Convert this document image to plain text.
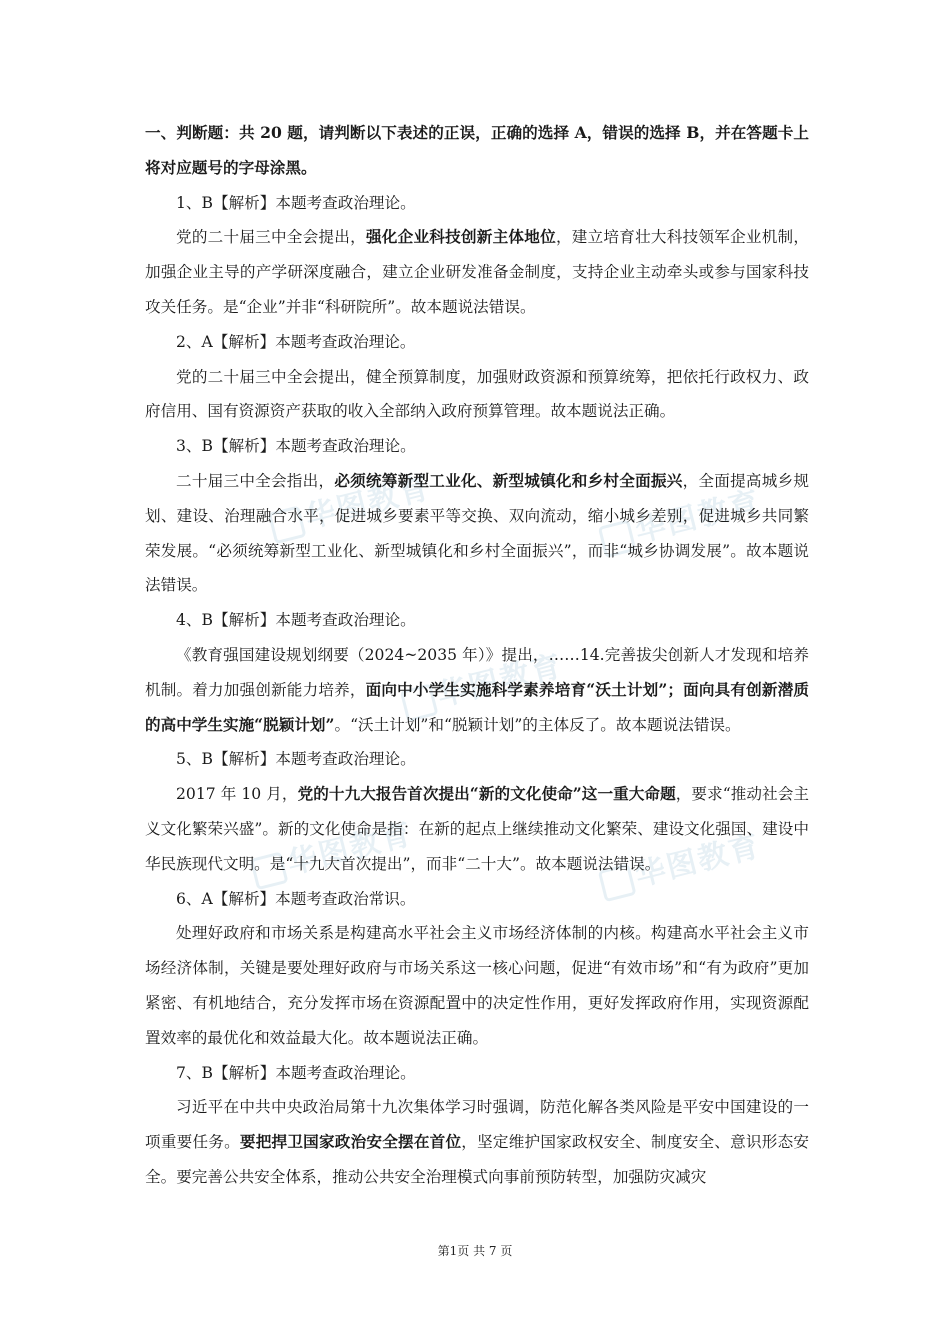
华图教育	华图教育
华图教育
华图教育	华图教育

一、判断题：共 20 题，请判断以下表述的正误，正确的选择 A，错误的选择 B，并在答题卡上将对应题号的字母涂黑。

1、B【解析】本题考查政治理论。

党的二十届三中全会提出，强化企业科技创新主体地位，建立培育壮大科技领军企业机制，加强企业主导的产学研深度融合，建立企业研发准备金制度，支持企业主动牵头或参与国家科技攻关任务。是“企业”并非“科研院所”。故本题说法错误。

2、A【解析】本题考查政治理论。

党的二十届三中全会提出，健全预算制度，加强财政资源和预算统筹，把依托行政权力、政府信用、国有资源资产获取的收入全部纳入政府预算管理。故本题说法正确。

3、B【解析】本题考查政治理论。

二十届三中全会指出，必须统筹新型工业化、新型城镇化和乡村全面振兴，全面提高城乡规划、建设、治理融合水平，促进城乡要素平等交换、双向流动，缩小城乡差别，促进城乡共同繁荣发展。“必须统筹新型工业化、新型城镇化和乡村全面振兴”，而非“城乡协调发展”。故本题说法错误。

4、B【解析】本题考查政治理论。

《教育强国建设规划纲要（2024~2035 年）》提出，……14.完善拔尖创新人才发现和培养机制。着力加强创新能力培养，面向中小学生实施科学素养培育“沃土计划”；面向具有创新潜质的高中学生实施“脱颖计划”。“沃土计划”和“脱颖计划”的主体反了。故本题说法错误。

5、B【解析】本题考查政治理论。

2017 年 10 月，党的十九大报告首次提出“新的文化使命”这一重大命题，要求“推动社会主义文化繁荣兴盛”。新的文化使命是指：在新的起点上继续推动文化繁荣、建设文化强国、建设中华民族现代文明。是“十九大首次提出”，而非“二十大”。故本题说法错误。

6、A【解析】本题考查政治常识。

处理好政府和市场关系是构建高水平社会主义市场经济体制的内核。构建高水平社会主义市场经济体制，关键是要处理好政府与市场关系这一核心问题，促进“有效市场”和“有为政府”更加紧密、有机地结合，充分发挥市场在资源配置中的决定性作用，更好发挥政府作用，实现资源配置效率的最优化和效益最大化。故本题说法正确。

7、B【解析】本题考查政治理论。

习近平在中共中央政治局第十九次集体学习时强调，防范化解各类风险是平安中国建设的一项重要任务。要把捍卫国家政治安全摆在首位，坚定维护国家政权安全、制度安全、意识形态安全。要完善公共安全体系，推动公共安全治理模式向事前预防转型，加强防灾减灾

第1页 共 7 页
